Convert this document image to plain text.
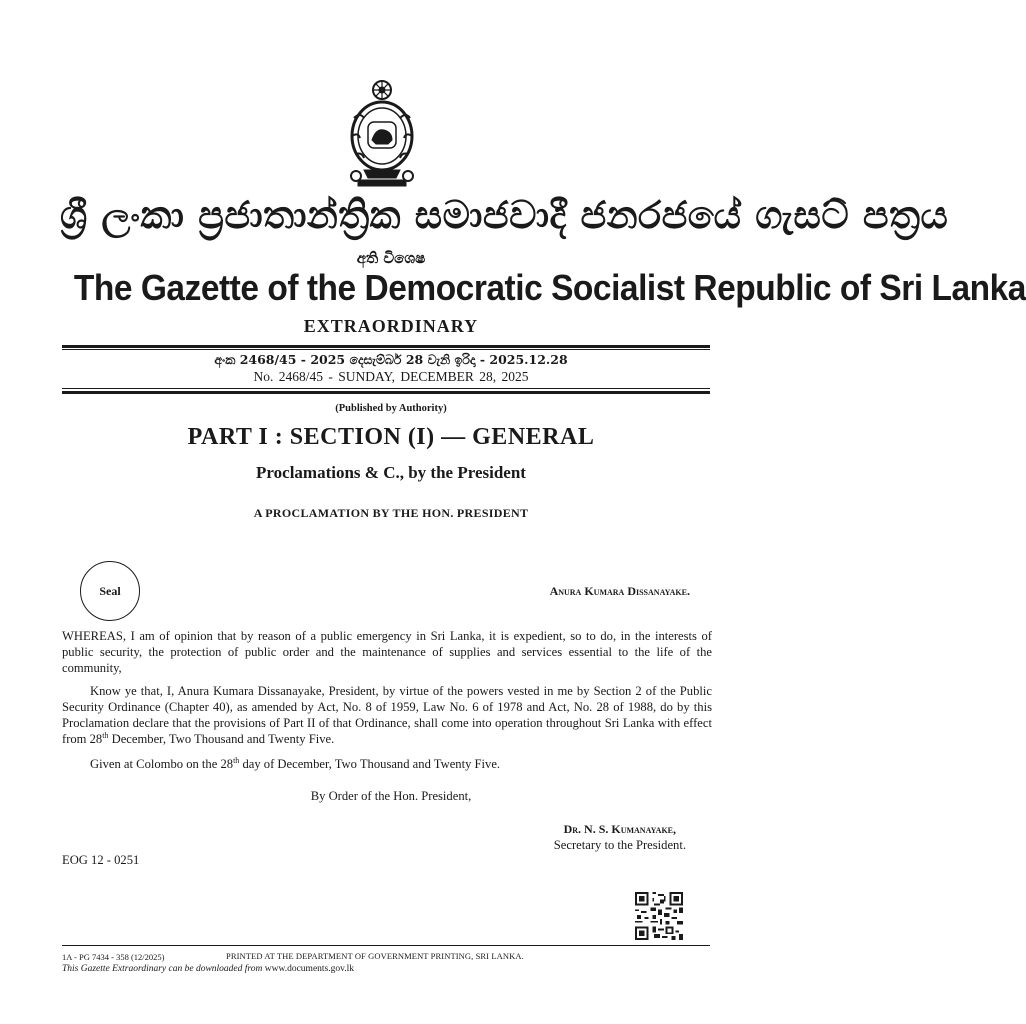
ශ්‍රී ලංකා ප්‍රජාතාන්ත්‍රික සමාජවාදී ජනරජයේ ගැසට් පත්‍රය
අති විශෙෂ
The Gazette of the Democratic Socialist Republic of Sri Lanka
EXTRAORDINARY
අංක 2468/45 - 2025 දෙසැම්බර් 28 වැනි ඉරිදා - 2025.12.28
No. 2468/45 - SUNDAY, DECEMBER 28, 2025
(Published by Authority)
PART I : SECTION (I) — GENERAL
Proclamations & C., by the President
A PROCLAMATION BY THE HON. PRESIDENT
Seal	Anura Kumara Dissanayake.
WHEREAS, I am of opinion that by reason of a public emergency in Sri Lanka, it is expedient, so to do, in the interests of public security, the protection of public order and the maintenance of supplies and services essential to the life of the community,
Know ye that, I, Anura Kumara Dissanayake, President, by virtue of the powers vested in me by Section 2 of the Public Security Ordinance (Chapter 40), as amended by Act, No. 8 of 1959, Law No. 6 of 1978 and Act, No. 28 of 1988, do by this Proclamation declare that the provisions of Part II of that Ordinance, shall come into operation throughout Sri Lanka with effect from 28th December, Two Thousand and Twenty Five.
Given at Colombo on the 28th day of December, Two Thousand and Twenty Five.
By Order of the Hon. President,
Dr. N. S. Kumanayake,
Secretary to the President.
EOG 12 - 0251
1A - PG 7434 - 358 (12/2025)	PRINTED AT THE DEPARTMENT OF GOVERNMENT PRINTING, SRI LANKA.
This Gazette Extraordinary can be downloaded from www.documents.gov.lk
